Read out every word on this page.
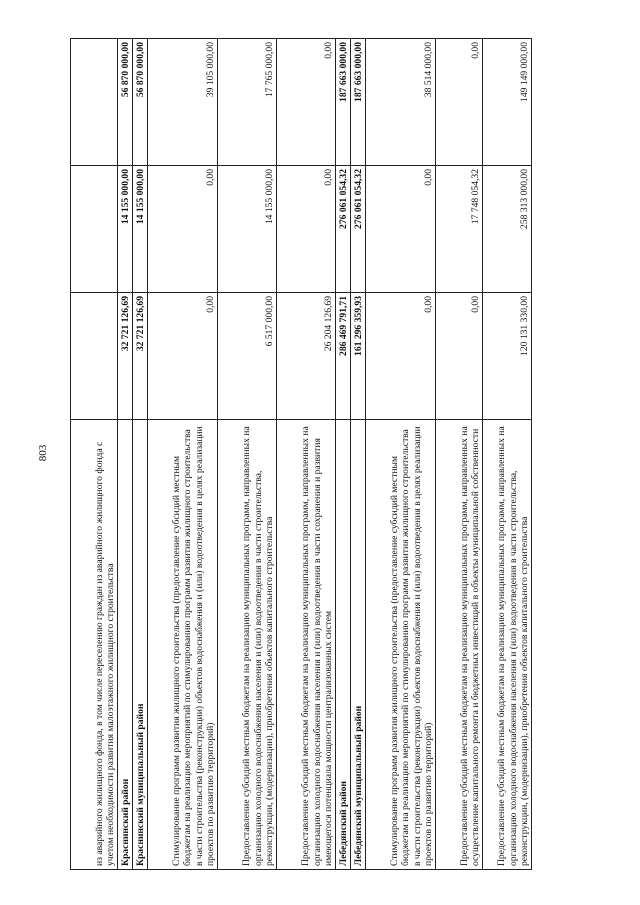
803	из аварийного жилищного фонда, в том числе переселению граждан из аварийного жилищного фонда с учетом необходимости развития малоэтажного жилищного строительства			
Краснинский район	32 721 126,69	14 155 000,00	56 870 000,00
Краснинский муниципальный район	32 721 126,69	14 155 000,00	56 870 000,00
Стимулирование программ развития жилищного строительства (предоставление субсидий местным бюджетам на реализацию мероприятий по стимулированию программ развития жилищного строительства в части строительства (реконструкции) объектов водоснабжения и (или) водоотведения в целях реализации проектов по развитию территорий)	0,00	0,00	39 105 000,00
Предоставление субсидий местным бюджетам на реализацию муниципальных программ, направленных на организацию холодного водоснабжения населения и (или) водоотведения в части строительства, реконструкции, (модернизации), приобретения объектов капитального строительства	6 517 000,00	14 155 000,00	17 765 000,00
Предоставление субсидий местным бюджетам на реализацию муниципальных программ, направленных на организацию холодного водоснабжения населения и (или) водоотведения в части сохранения и развития имеющегося потенциала мощности централизованных систем	26 204 126,69	0,00	0,00
Лебедянский район	286 469 791,71	276 061 054,32	187 663 000,00
Лебедянский муниципальный район	161 296 359,93	276 061 054,32	187 663 000,00
Стимулирование программ развития жилищного строительства (предоставление субсидий местным бюджетам на реализацию мероприятий по стимулированию программ развития жилищного строительства в части строительства (реконструкции) объектов водоснабжения и (или) водоотведения в целях реализации проектов по развитию территорий)	0,00	0,00	38 514 000,00
Предоставление субсидий местным бюджетам на реализацию муниципальных программ, направленных на осуществление капитального ремонта и бюджетных инвестиций в объекты муниципальной собственности	0,00	17 748 054,32	0,00
Предоставление субсидий местным бюджетам на реализацию муниципальных программ, направленных на организацию холодного водоснабжения населения и (или) водоотведения в части строительства, реконструкции, (модернизации), приобретения объектов капитального строительства	120 131 330,00	258 313 000,00	149 149 000,00
